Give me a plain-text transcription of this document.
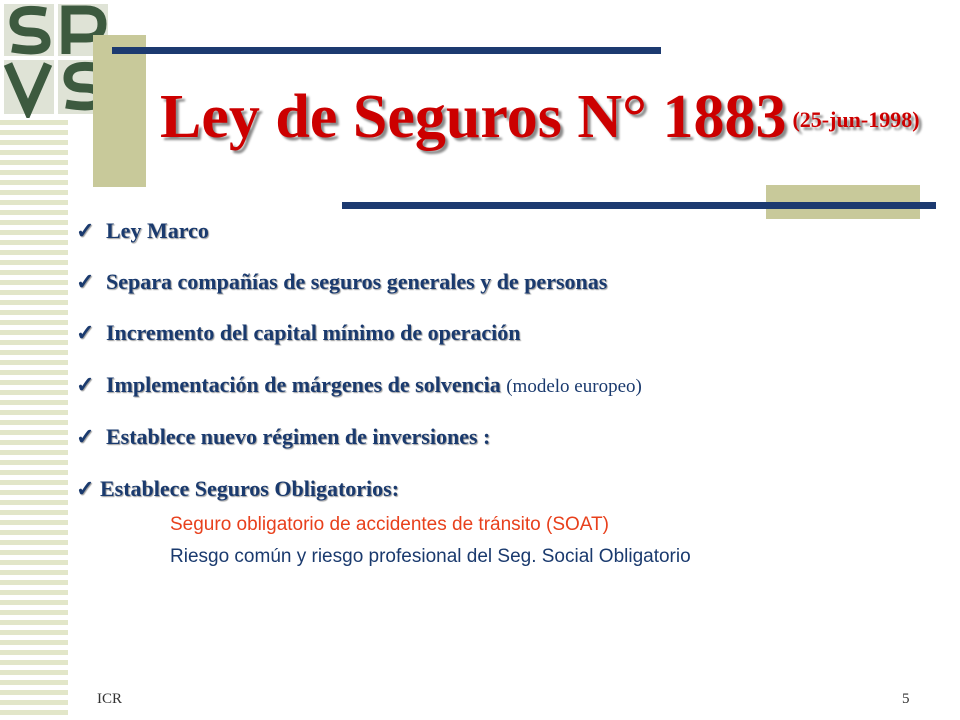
Ley de Seguros N° 1883 (25-jun-1998)
✓ Ley Marco
✓ Separa compañías de seguros generales y de personas
✓ Incremento del capital mínimo de operación
✓ Implementación de márgenes de solvencia (modelo europeo)
✓ Establece nuevo régimen de inversiones :
✓ Establece Seguros Obligatorios:
Seguro obligatorio de accidentes de tránsito (SOAT)
Riesgo común y riesgo profesional del Seg. Social Obligatorio
ICR	5
